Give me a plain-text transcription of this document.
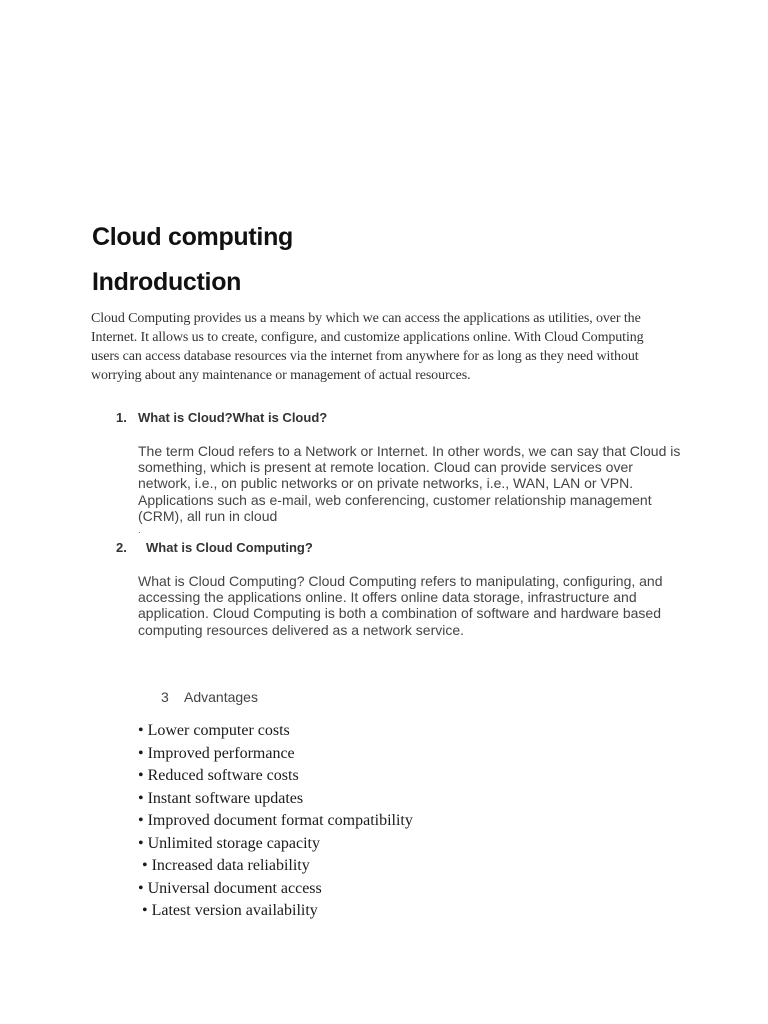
Cloud computing
Indroduction

Cloud Computing provides us a means by which we can access the applications as utilities, over the Internet. It allows us to create, configure, and customize applications online. With Cloud Computing users can access database resources via the internet from anywhere for as long as they need without worrying about any maintenance or management of actual resources.

1. What is Cloud?What is Cloud?

The term Cloud refers to a Network or Internet. In other words, we can say that Cloud is something, which is present at remote location. Cloud can provide services over network, i.e., on public networks or on private networks, i.e., WAN, LAN or VPN. Applications such as e-mail, web conferencing, customer relationship management (CRM), all run in cloud

.
2. What is Cloud Computing?

What is Cloud Computing? Cloud Computing refers to manipulating, configuring, and accessing the applications online. It offers online data storage, infrastructure and application. Cloud Computing is both a combination of software and hardware based computing resources delivered as a network service.

3 Advantages
• Lower computer costs
• Improved performance
• Reduced software costs
• Instant software updates
• Improved document format compatibility
• Unlimited storage capacity
• Increased data reliability
• Universal document access
• Latest version availability
